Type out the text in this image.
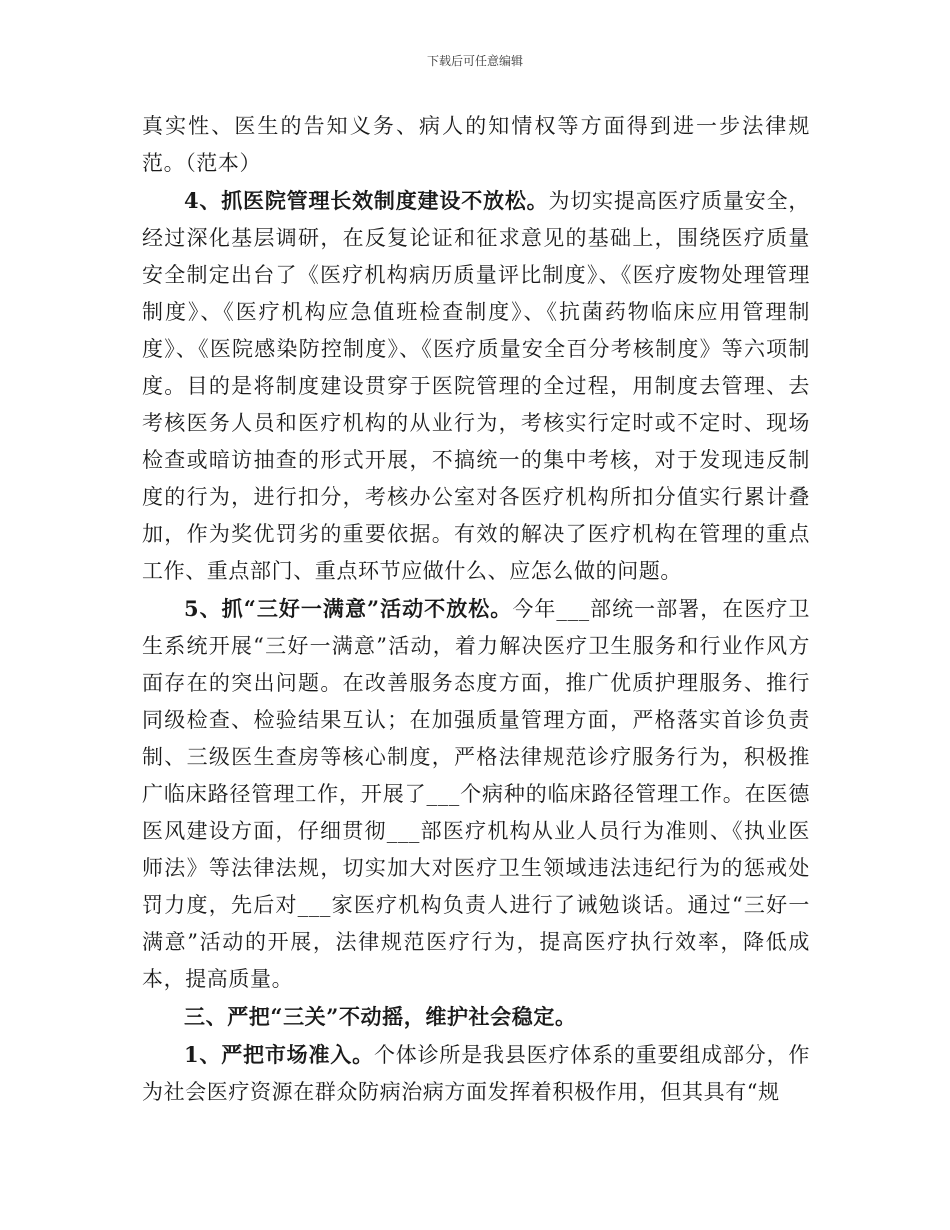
下载后可任意编辑

真实性、医生的告知义务、病人的知情权等方面得到进一步法律规范。（范本）

4、抓医院管理长效制度建设不放松。为切实提高医疗质量安全，经过深化基层调研，在反复论证和征求意见的基础上，围绕医疗质量安全制定出台了《医疗机构病历质量评比制度》、《医疗废物处理管理制度》、《医疗机构应急值班检查制度》、《抗菌药物临床应用管理制度》、《医院感染防控制度》、《医疗质量安全百分考核制度》等六项制度。目的是将制度建设贯穿于医院管理的全过程，用制度去管理、去考核医务人员和医疗机构的从业行为，考核实行定时或不定时、现场检查或暗访抽查的形式开展，不搞统一的集中考核，对于发现违反制度的行为，进行扣分，考核办公室对各医疗机构所扣分值实行累计叠加，作为奖优罚劣的重要依据。有效的解决了医疗机构在管理的重点工作、重点部门、重点环节应做什么、应怎么做的问题。

5、抓“三好一满意”活动不放松。今年___部统一部署，在医疗卫生系统开展“三好一满意”活动，着力解决医疗卫生服务和行业作风方面存在的突出问题。在改善服务态度方面，推广优质护理服务、推行同级检查、检验结果互认；在加强质量管理方面，严格落实首诊负责制、三级医生查房等核心制度，严格法律规范诊疗服务行为，积极推广临床路径管理工作，开展了___个病种的临床路径管理工作。在医德医风建设方面，仔细贯彻___部医疗机构从业人员行为准则、《执业医师法》等法律法规，切实加大对医疗卫生领域违法违纪行为的惩戒处罚力度，先后对___家医疗机构负责人进行了诫勉谈话。通过“三好一满意”活动的开展，法律规范医疗行为，提高医疗执行效率，降低成本，提高质量。

三、严把“三关”不动摇，维护社会稳定。

1、严把市场准入。个体诊所是我县医疗体系的重要组成部分，作为社会医疗资源在群众防病治病方面发挥着积极作用，但其具有“规
